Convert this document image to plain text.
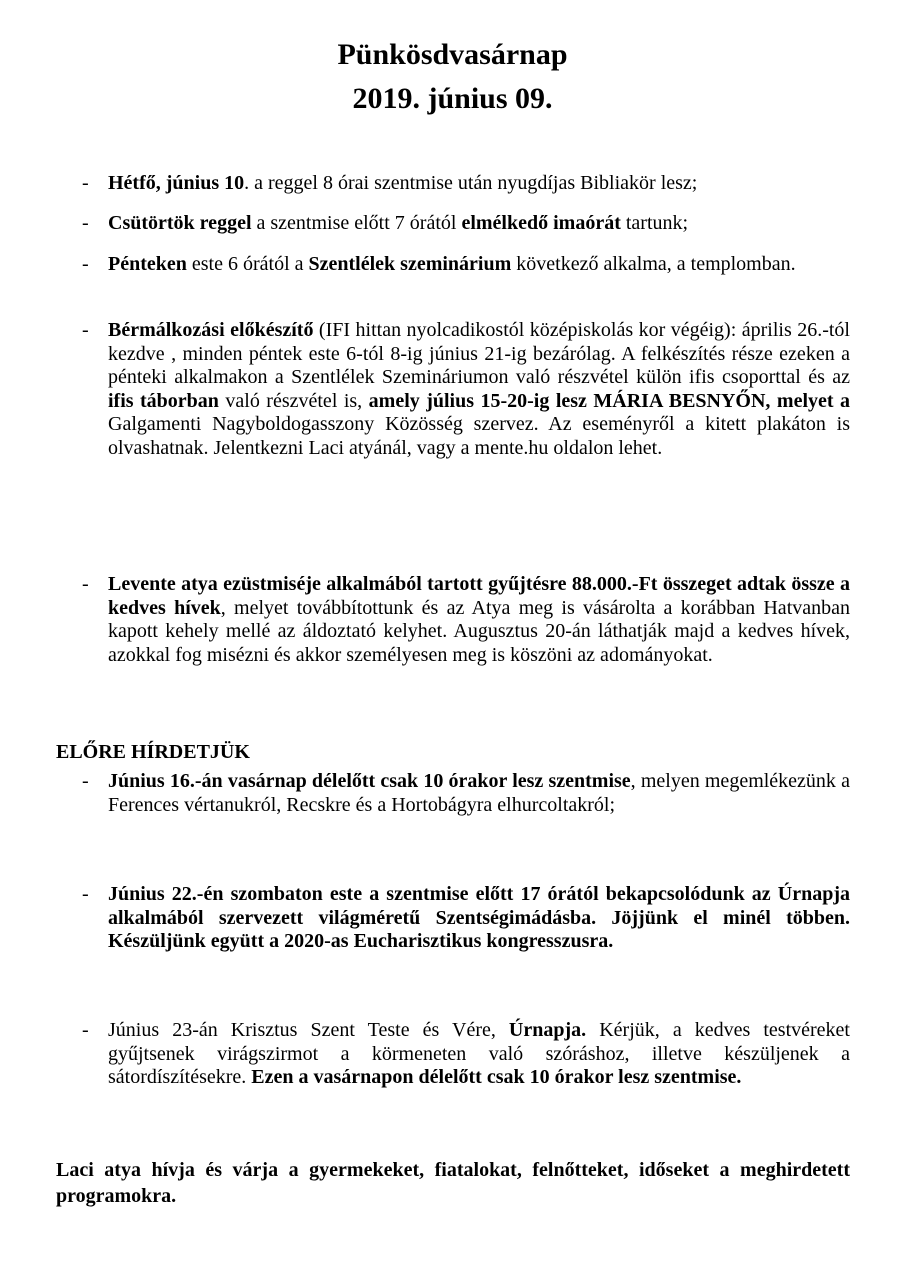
Pünkösdvasárnap
2019. június 09.
- Hétfő, június 10. a reggel 8 órai szentmise után nyugdíjas Bibliakör lesz;
- Csütörtök reggel a szentmise előtt 7 órától elmélkedő imaórát tartunk;
- Pénteken este 6 órától a Szentlélek szeminárium következő alkalma, a templomban.
- Bérmálkozási előkészítő (IFI hittan nyolcadikostól középiskolás kor végéig): április 26.-tól kezdve , minden péntek este 6-tól 8-ig június 21-ig bezárólag. A felkészítés része ezeken a pénteki alkalmakon a Szentlélek Szemináriumon való részvétel külön ifis csoporttal és az ifis táborban való részvétel is, amely július 15-20-ig lesz MÁRIA BESNYŐN, melyet a Galgamenti Nagyboldogasszony Közösség szervez. Az eseményről a kitett plakáton is olvashatnak. Jelentkezni Laci atyánál, vagy a mente.hu oldalon lehet.
- Levente atya ezüstmiséje alkalmából tartott gyűjtésre 88.000.-Ft összeget adtak össze a kedves hívek, melyet továbbítottunk és az Atya meg is vásárolta a korábban Hatvanban kapott kehely mellé az áldoztató kelyhet. Augusztus 20-án láthatják majd a kedves hívek, azokkal fog misézni és akkor személyesen meg is köszöni az adományokat.
ELŐRE HÍRDETJÜK
- Június 16.-án vasárnap délelőtt csak 10 órakor lesz szentmise, melyen megemlékezünk a Ferences vértanukról, Recskre és a Hortobágyra elhurcoltakról;
- Június 22.-én szombaton este a szentmise előtt 17 órától bekapcsolódunk az Úrnapja alkalmából szervezett világméretű Szentségimádásba. Jöjjünk el minél többen. Készüljünk együtt a 2020-as Eucharisztikus kongresszusra.
- Június 23-án Krisztus Szent Teste és Vére, Úrnapja. Kérjük, a kedves testvéreket gyűjtsenek virágszirmot a körmeneten való szóráshoz, illetve készüljenek a sátordíszítésekre. Ezen a vasárnapon délelőtt csak 10 órakor lesz szentmise.
Laci atya hívja és várja a gyermekeket, fiatalokat, felnőtteket, időseket a meghirdetett programokra.
